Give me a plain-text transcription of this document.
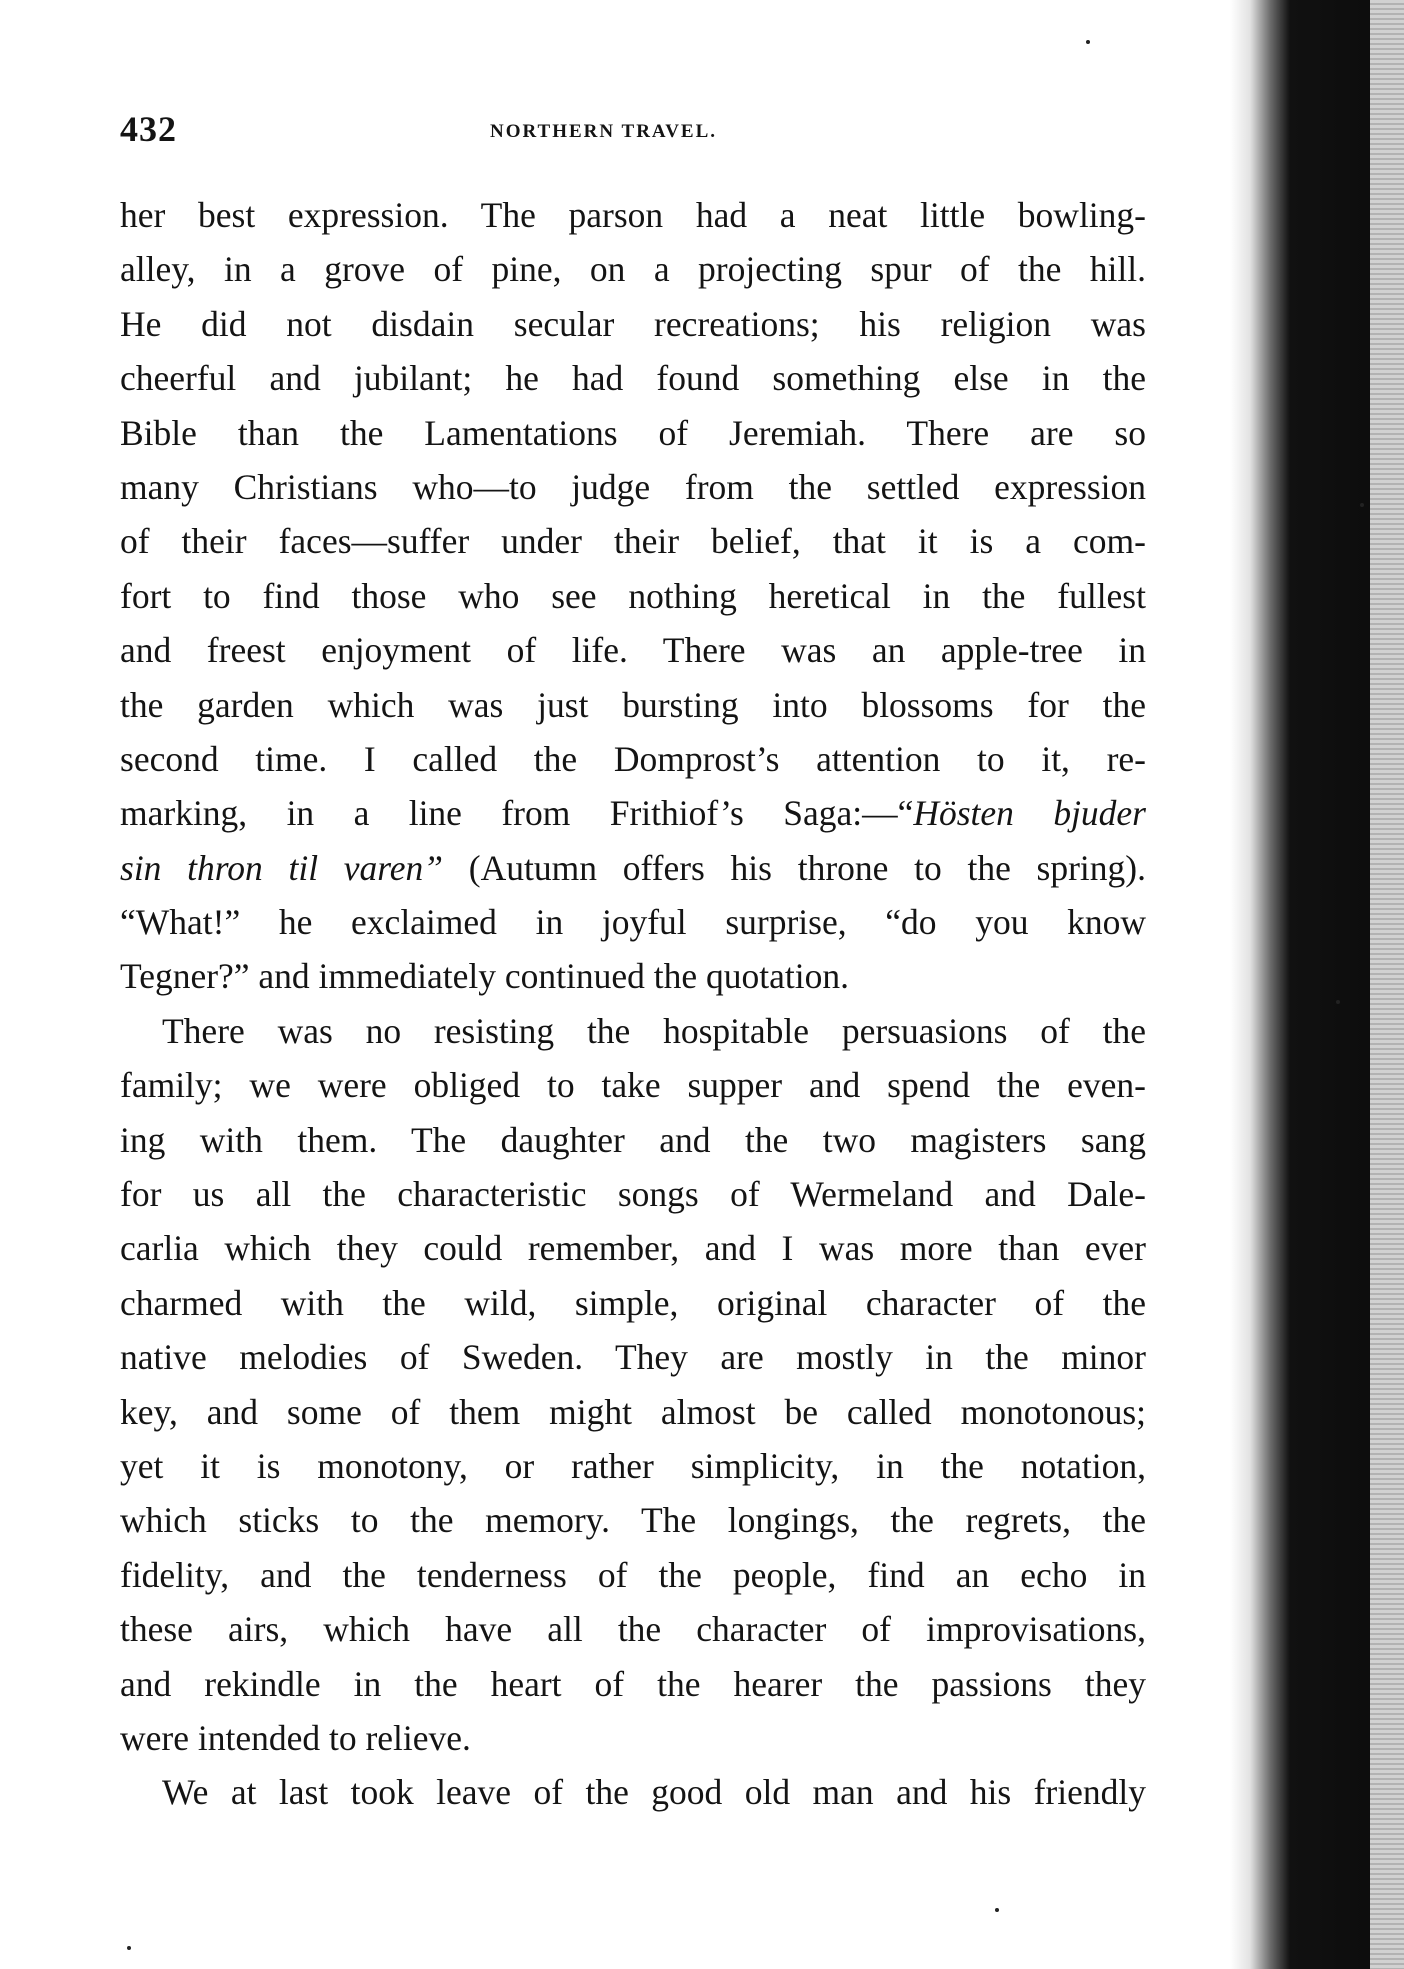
432	NORTHERN TRAVEL.
her best expression. The parson had a neat little bowling-
alley, in a grove of pine, on a projecting spur of the hill.
He did not disdain secular recreations; his religion was
cheerful and jubilant; he had found something else in the
Bible than the Lamentations of Jeremiah. There are so
many Christians who—to judge from the settled expression
of their faces—suffer under their belief, that it is a com-
fort to find those who see nothing heretical in the fullest
and freest enjoyment of life. There was an apple-tree in
the garden which was just bursting into blossoms for the
second time. I called the Domprost’s attention to it, re-
marking, in a line from Frithiof’s Saga:—“Hösten bjuder
sin thron til varen” (Autumn offers his throne to the spring).
“What!” he exclaimed in joyful surprise, “do you know
Tegner?” and immediately continued the quotation.
There was no resisting the hospitable persuasions of the
family; we were obliged to take supper and spend the even-
ing with them. The daughter and the two magisters sang
for us all the characteristic songs of Wermeland and Dale-
carlia which they could remember, and I was more than ever
charmed with the wild, simple, original character of the
native melodies of Sweden. They are mostly in the minor
key, and some of them might almost be called monotonous;
yet it is monotony, or rather simplicity, in the notation,
which sticks to the memory. The longings, the regrets, the
fidelity, and the tenderness of the people, find an echo in
these airs, which have all the character of improvisations,
and rekindle in the heart of the hearer the passions they
were intended to relieve.
We at last took leave of the good old man and his friendly
